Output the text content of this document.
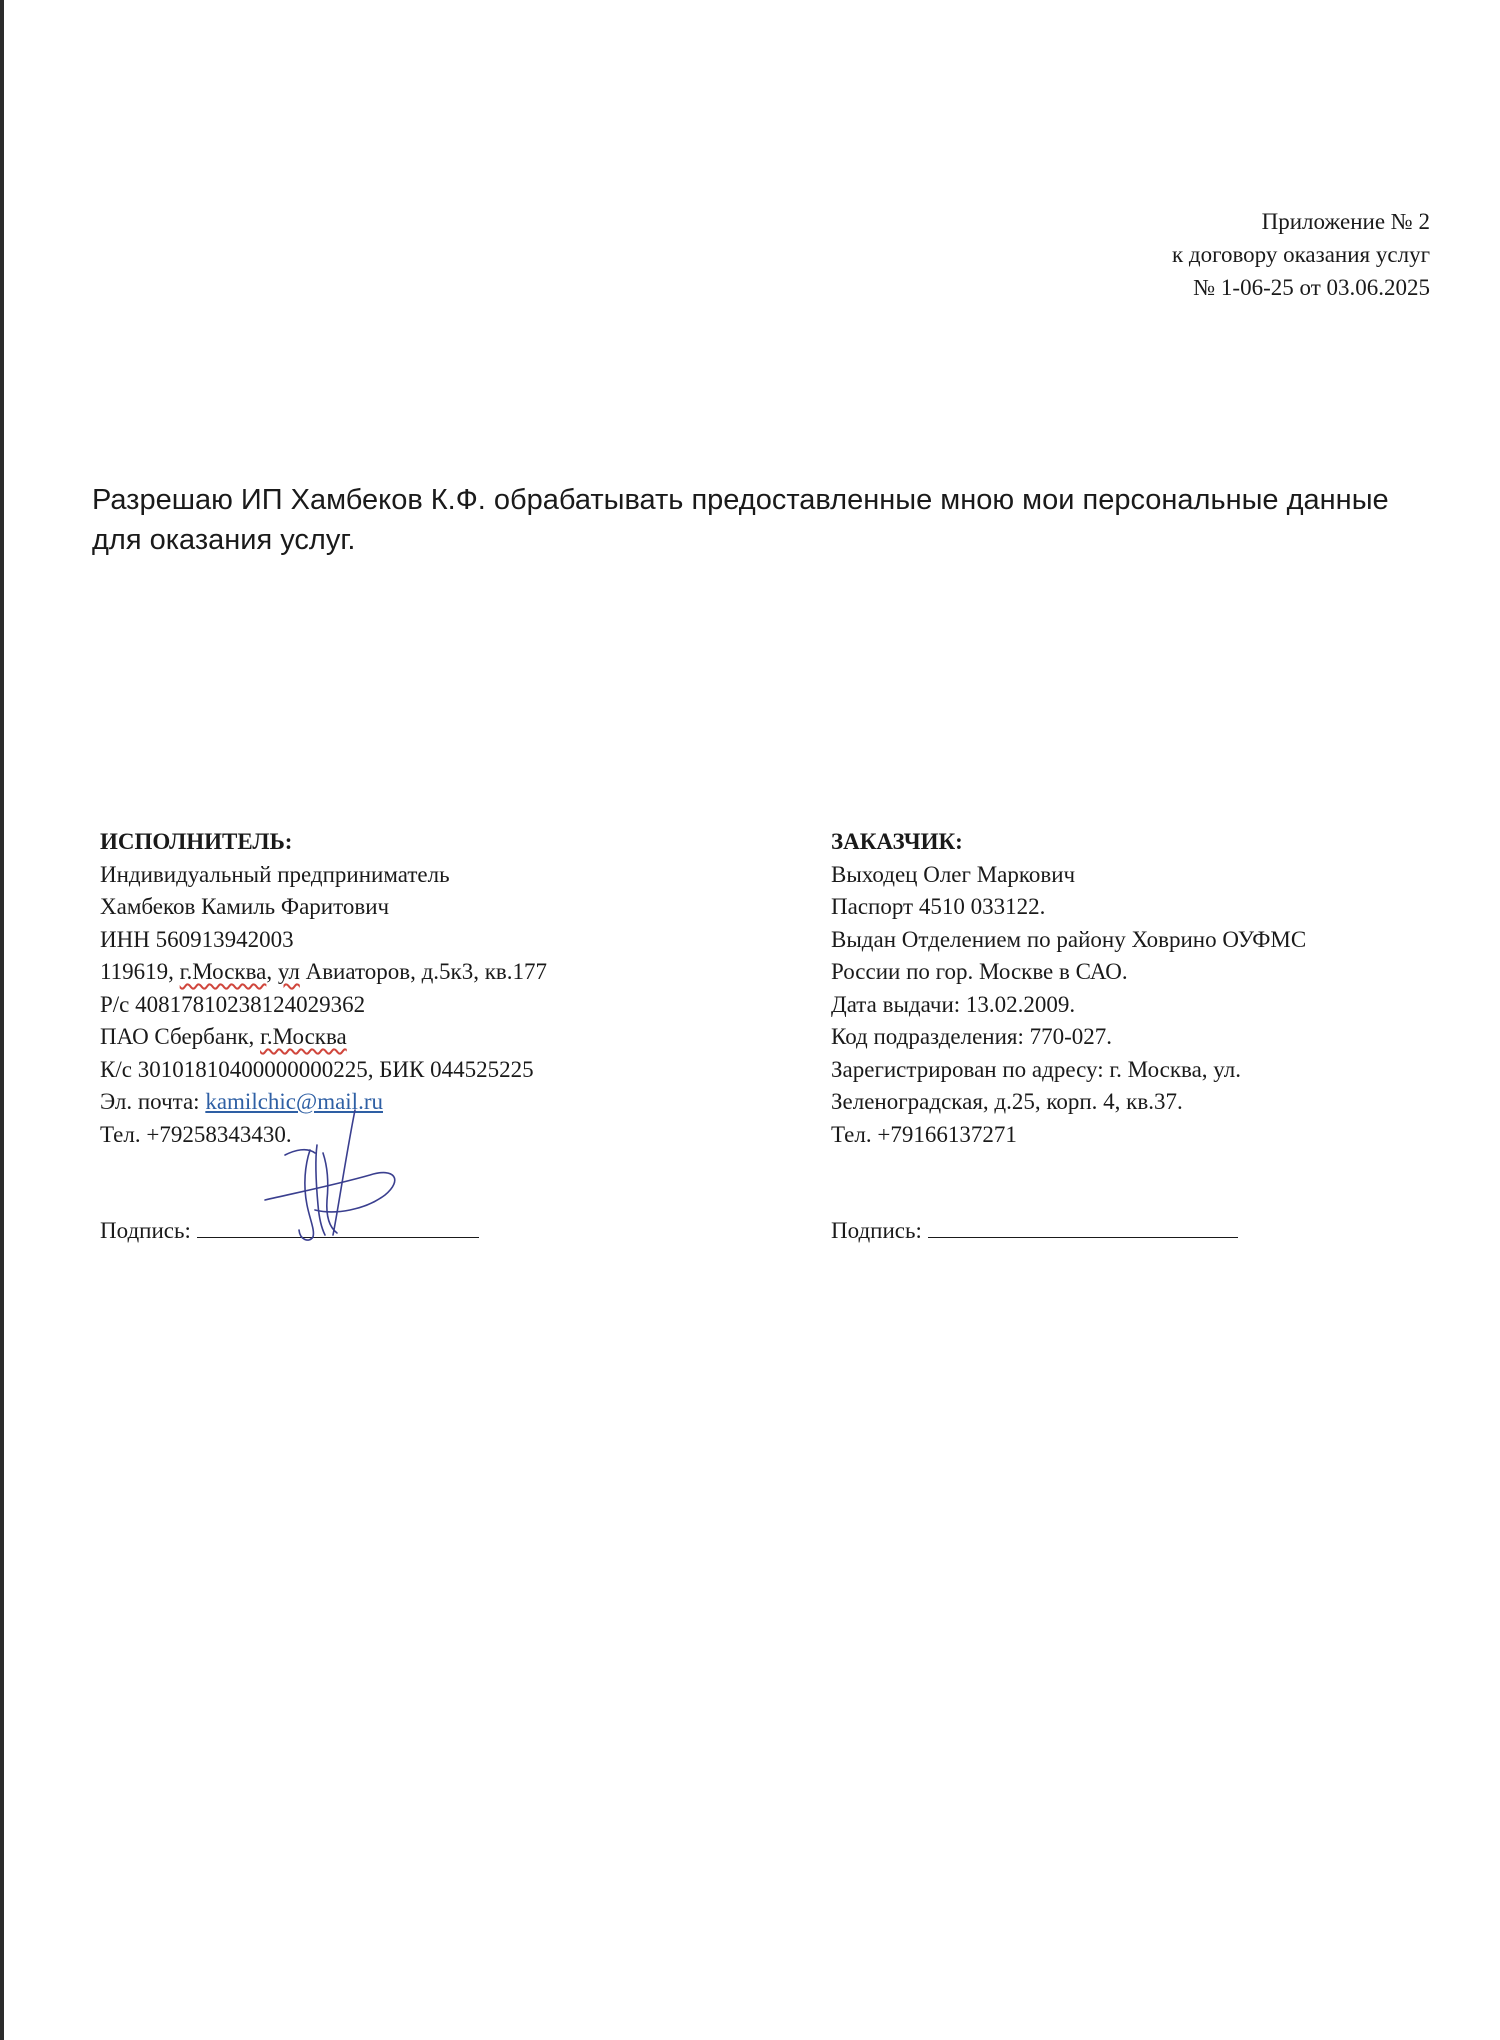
Приложение № 2
к договору оказания услуг
№ 1-06-25 от 03.06.2025
Разрешаю ИП Хамбеков К.Ф. обрабатывать предоставленные мною мои персональные данные для оказания услуг.
ИСПОЛНИТЕЛЬ:
Индивидуальный предприниматель
Хамбеков Камиль Фаритович
ИНН 560913942003
119619, г.Москва, ул Авиаторов, д.5к3, кв.177
Р/с 40817810238124029362
ПАО Сбербанк, г.Москва
К/с 30101810400000000225, БИК 044525225
Эл. почта: kamilchic@mail.ru
Тел. +79258343430.
ЗАКАЗЧИК:
Выходец Олег Маркович
Паспорт 4510 033122.
Выдан Отделением по району Ховрино ОУФМС
России по гор. Москве в САО.
Дата выдачи: 13.02.2009.
Код подразделения: 770-027.
Зарегистрирован по адресу: г. Москва, ул.
Зеленоградская, д.25, корп. 4, кв.37.
Тел. +79166137271
Подпись:	Подпись:
